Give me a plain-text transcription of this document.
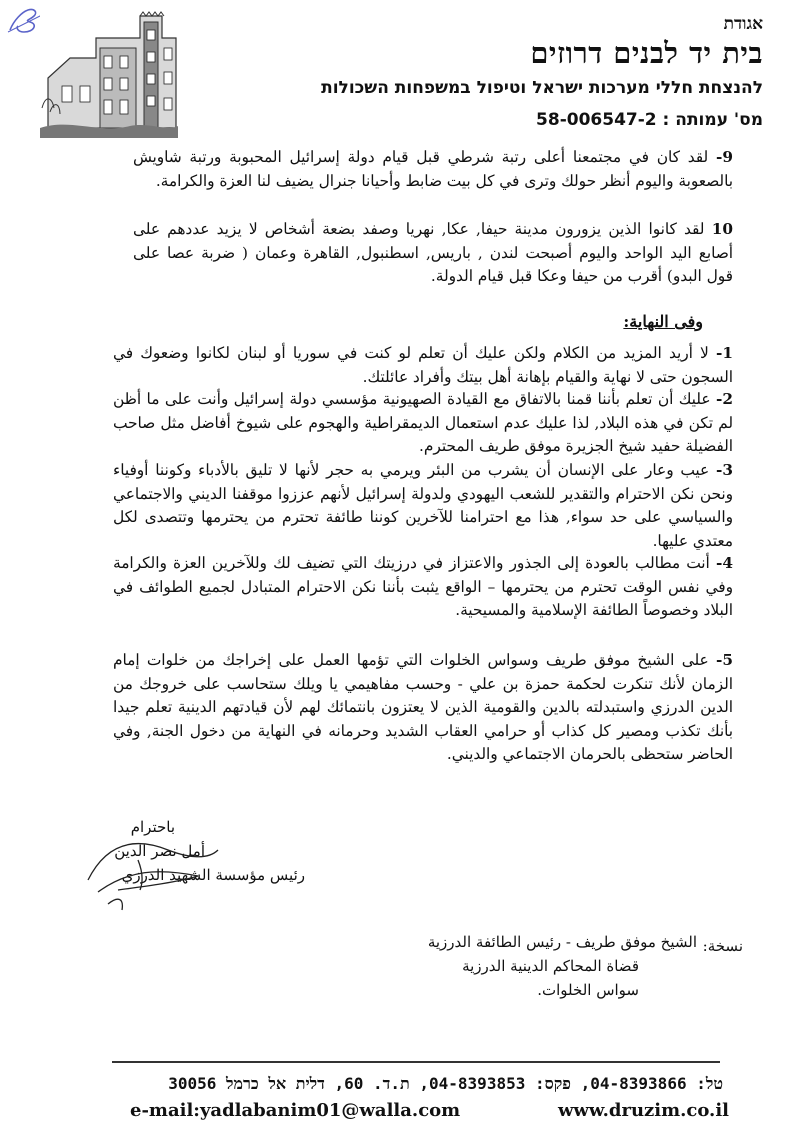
אגודת
בית יד לבנים דרוזים
להנצחת חללי מערכות ישראל וטיפול במשפחות השכולות
מס' עמותה : 58-006547-2
9- لقد كان في مجتمعنا أعلى رتبة شرطي قبل قيام دولة إسرائيل المحبوبة ورتبة شاويش بالصعوبة واليوم أنظر حولك وترى في كل بيت ضابط وأحيانا جنرال يضيف لنا العزة والكرامة.
10 لقد كانوا الذين يزورون مدينة حيفا, عكا, نهريا وصفد بضعة أشخاص لا يزيد عددهم على أصابع اليد الواحد واليوم أصبحت لندن , باريس, اسطنبول, القاهرة وعمان ( ضربة عصا على قول البدو) أقرب من حيفا وعكا قبل قيام الدولة.
وفى النهاية:
1- لا أريد المزيد من الكلام ولكن عليك أن تعلم لو كنت في سوريا أو لبنان لكانوا وضعوك في السجون حتى لا نهاية والقيام بإهانة أهل بيتك وأفراد عائلتك.
2- عليك أن تعلم بأننا قمنا بالاتفاق مع القيادة الصهيونية مؤسسي دولة إسرائيل وأنت على ما أظن لم تكن في هذه البلاد, لذا عليك عدم استعمال الديمقراطية والهجوم على شيوخ أفاضل مثل صاحب الفضيلة حفيد شيخ الجزيرة موفق طريف المحترم.
3- عيب وعار على الإنسان أن يشرب من البئر ويرمي به حجر لأنها لا تليق بالأدباء وكوننا أوفياء ونحن نكن الاحترام والتقدير للشعب اليهودي ولدولة إسرائيل لأنهم عززوا موقفنا الديني والاجتماعي والسياسي على حد سواء, هذا مع احترامنا للآخرين كوننا طائفة تحترم من يحترمها وتتصدى لكل معتدي عليها.
4- أنت مطالب بالعودة إلى الجذور والاعتزاز في درزيتك التي تضيف لك وللآخرين العزة والكرامة وفي نفس الوقت تحترم من يحترمها – الواقع يثبت بأننا نكن الاحترام المتبادل لجميع الطوائف في البلاد وخصوصاً الطائفة الإسلامية والمسيحية.
5- على الشيخ موفق طريف وسواس الخلوات التي تؤمها العمل على إخراجك من خلوات إمام الزمان لأنك تنكرت لحكمة حمزة بن علي - وحسب مفاهيمي يا ويلك ستحاسب على خروجك من الدين الدرزي واستبدلته بالدين والقومية الذين لا يعتزون بانتمائك لهم لأن قيادتهم الدينية تعلم جيدا بأنك تكذب ومصير كل كذاب أو حرامي العقاب الشديد وحرمانه في النهاية من دخول الجنة, وفي الحاضر ستحظى بالحرمان الاجتماعي والديني.
باحترام
أمل نصر الدين
رئيس مؤسسة الشهيد الدرزي
نسخة:
الشيخ موفق طريف - رئيس الطائفة الدرزية
قضاة المحاكم الدينية الدرزية
سواس الخلوات.
טל: 04-8393866, פקס: 04-8393853, ת.ד. 60, דלית אל כרמל 30056
e-mail:yadlabanim01@walla.com	www.druzim.co.il
